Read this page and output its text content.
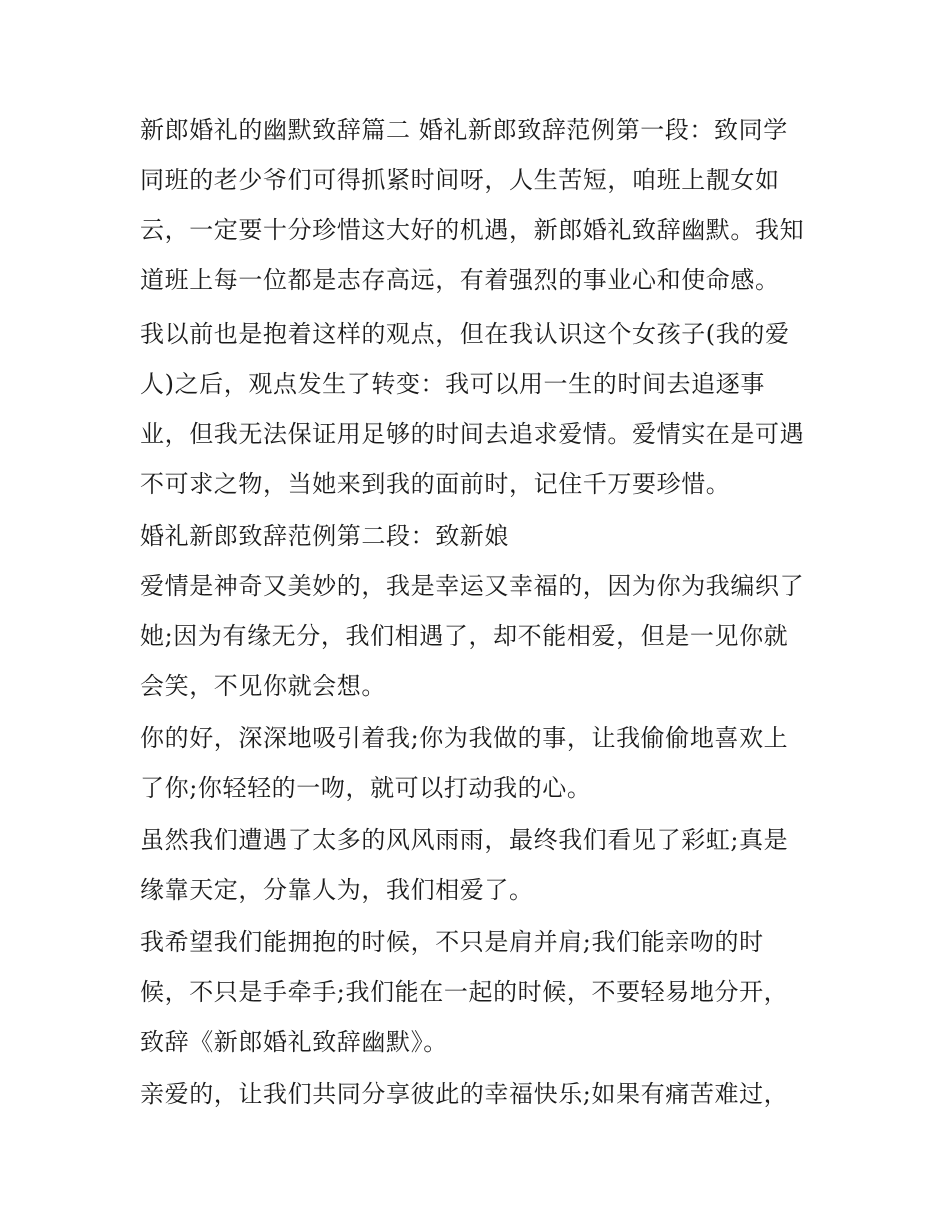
新郎婚礼的幽默致辞篇二 婚礼新郎致辞范例第一段：致同学
同班的老少爷们可得抓紧时间呀，人生苦短，咱班上靓女如
云，一定要十分珍惜这大好的机遇，新郎婚礼致辞幽默。我知
道班上每一位都是志存高远，有着强烈的事业心和使命感。
我以前也是抱着这样的观点，但在我认识这个女孩子(我的爱
人)之后，观点发生了转变：我可以用一生的时间去追逐事
业，但我无法保证用足够的时间去追求爱情。爱情实在是可遇
不可求之物，当她来到我的面前时，记住千万要珍惜。
婚礼新郎致辞范例第二段：致新娘
爱情是神奇又美妙的，我是幸运又幸福的，因为你为我编织了
她;因为有缘无分，我们相遇了，却不能相爱，但是一见你就
会笑，不见你就会想。
你的好，深深地吸引着我;你为我做的事，让我偷偷地喜欢上
了你;你轻轻的一吻，就可以打动我的心。
虽然我们遭遇了太多的风风雨雨，最终我们看见了彩虹;真是
缘靠天定，分靠人为，我们相爱了。
我希望我们能拥抱的时候，不只是肩并肩;我们能亲吻的时
候，不只是手牵手;我们能在一起的时候，不要轻易地分开，
致辞《新郎婚礼致辞幽默》。
亲爱的，让我们共同分享彼此的幸福快乐;如果有痛苦难过，
